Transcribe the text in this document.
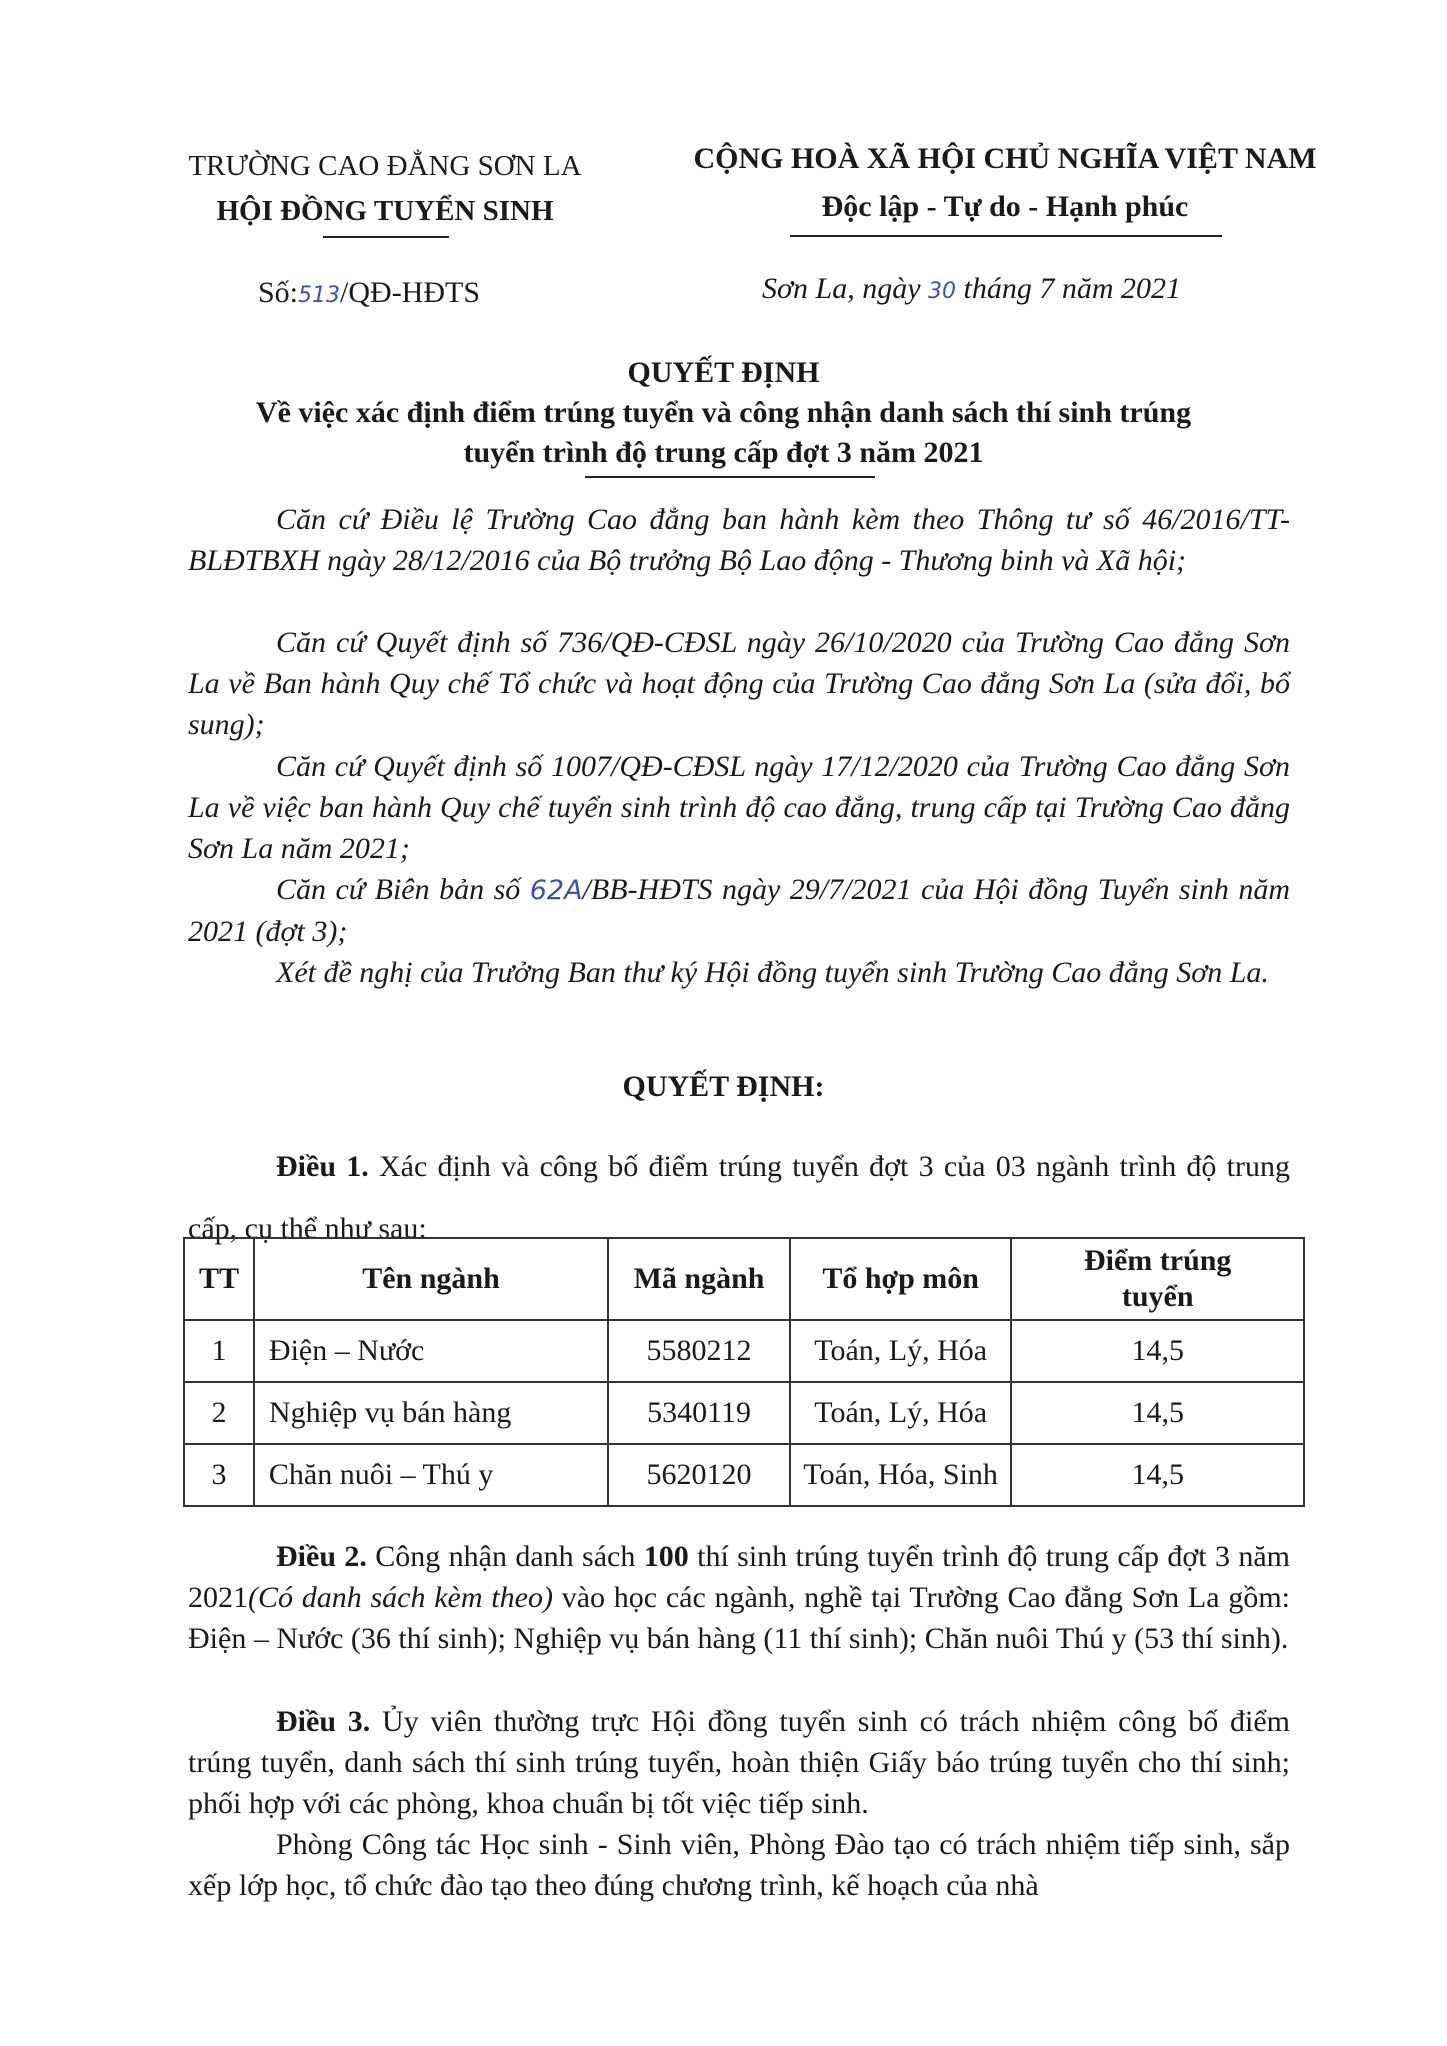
TRƯỜNG CAO ĐẲNG SƠN LA
HỘI ĐỒNG TUYỂN SINH
CỘNG HOÀ XÃ HỘI CHỦ NGHĨA VIỆT NAM
Độc lập - Tự do - Hạnh phúc
Số:513/QĐ-HĐTS	Sơn La, ngày 30 tháng 7 năm 2021
QUYẾT ĐỊNH
Về việc xác định điểm trúng tuyển và công nhận danh sách thí sinh trúng
tuyển trình độ trung cấp đợt 3 năm 2021
Căn cứ Điều lệ Trường Cao đẳng ban hành kèm theo Thông tư số 46/2016/TT-BLĐTBXH ngày 28/12/2016 của Bộ trưởng Bộ Lao động - Thương binh và Xã hội;
Căn cứ Quyết định số 736/QĐ-CĐSL ngày 26/10/2020 của Trường Cao đẳng Sơn La về Ban hành Quy chế Tổ chức và hoạt động của Trường Cao đẳng Sơn La (sửa đổi, bổ sung);
Căn cứ Quyết định số 1007/QĐ-CĐSL ngày 17/12/2020 của Trường Cao đẳng Sơn La về việc ban hành Quy chế tuyển sinh trình độ cao đẳng, trung cấp tại Trường Cao đẳng Sơn La năm 2021;
Căn cứ Biên bản số 62A/BB-HĐTS ngày 29/7/2021 của Hội đồng Tuyển sinh năm 2021 (đợt 3);
Xét đề nghị của Trưởng Ban thư ký Hội đồng tuyển sinh Trường Cao đẳng Sơn La.
QUYẾT ĐỊNH:
Điều 1. Xác định và công bố điểm trúng tuyển đợt 3 của 03 ngành trình độ trung cấp, cụ thể như sau:
TT	Tên ngành	Mã ngành	Tổ hợp môn	Điểm trúng tuyển
1	Điện – Nước	5580212	Toán, Lý, Hóa	14,5
2	Nghiệp vụ bán hàng	5340119	Toán, Lý, Hóa	14,5
3	Chăn nuôi – Thú y	5620120	Toán, Hóa, Sinh	14,5
Điều 2. Công nhận danh sách 100 thí sinh trúng tuyển trình độ trung cấp đợt 3 năm 2021(Có danh sách kèm theo) vào học các ngành, nghề tại Trường Cao đẳng Sơn La gồm: Điện – Nước (36 thí sinh); Nghiệp vụ bán hàng (11 thí sinh); Chăn nuôi Thú y (53 thí sinh).
Điều 3. Ủy viên thường trực Hội đồng tuyển sinh có trách nhiệm công bố điểm trúng tuyển, danh sách thí sinh trúng tuyển, hoàn thiện Giấy báo trúng tuyển cho thí sinh; phối hợp với các phòng, khoa chuẩn bị tốt việc tiếp sinh.
Phòng Công tác Học sinh - Sinh viên, Phòng Đào tạo có trách nhiệm tiếp sinh, sắp xếp lớp học, tổ chức đào tạo theo đúng chương trình, kế hoạch của nhà
